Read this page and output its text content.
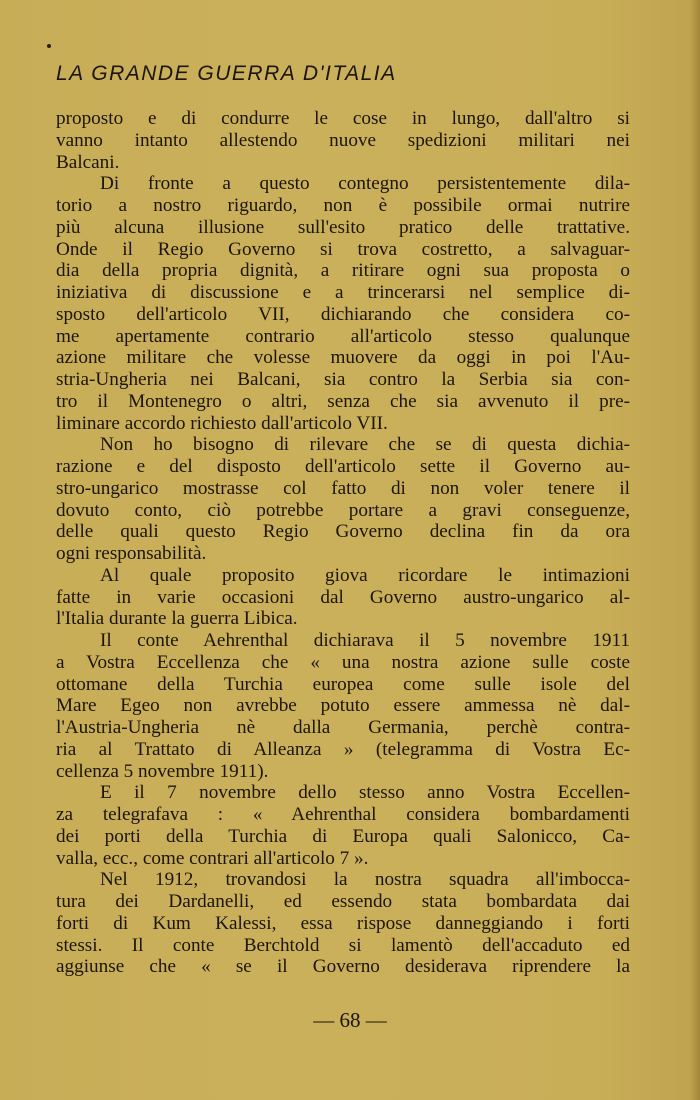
LA GRANDE GUERRA D'ITALIA
proposto e di condurre le cose in lungo, dall'altro si
vanno intanto allestendo nuove spedizioni militari nei
Balcani.
Di fronte a questo contegno persistentemente dila-
torio a nostro riguardo, non è possibile ormai nutrire
più alcuna illusione sull'esito pratico delle trattative.
Onde il Regio Governo si trova costretto, a salvaguar-
dia della propria dignità, a ritirare ogni sua proposta o
iniziativa di discussione e a trincerarsi nel semplice di-
sposto dell'articolo VII, dichiarando che considera co-
me apertamente contrario all'articolo stesso qualunque
azione militare che volesse muovere da oggi in poi l'Au-
stria-Ungheria nei Balcani, sia contro la Serbia sia con-
tro il Montenegro o altri, senza che sia avvenuto il pre-
liminare accordo richiesto dall'articolo VII.
Non ho bisogno di rilevare che se di questa dichia-
razione e del disposto dell'articolo sette il Governo au-
stro-ungarico mostrasse col fatto di non voler tenere il
dovuto conto, ciò potrebbe portare a gravi conseguenze,
delle quali questo Regio Governo declina fin da ora
ogni responsabilità.
Al quale proposito giova ricordare le intimazioni
fatte in varie occasioni dal Governo austro-ungarico al-
l'Italia durante la guerra Libica.
Il conte Aehrenthal dichiarava il 5 novembre 1911
a Vostra Eccellenza che « una nostra azione sulle coste
ottomane della Turchia europea come sulle isole del
Mare Egeo non avrebbe potuto essere ammessa nè dal-
l'Austria-Ungheria nè dalla Germania, perchè contra-
ria al Trattato di Alleanza » (telegramma di Vostra Ec-
cellenza 5 novembre 1911).
E il 7 novembre dello stesso anno Vostra Eccellen-
za telegrafava : « Aehrenthal considera bombardamenti
dei porti della Turchia di Europa quali Salonicco, Ca-
valla, ecc., come contrari all'articolo 7 ».
Nel 1912, trovandosi la nostra squadra all'imbocca-
tura dei Dardanelli, ed essendo stata bombardata dai
forti di Kum Kalessi, essa rispose danneggiando i forti
stessi. Il conte Berchtold si lamentò dell'accaduto ed
aggiunse che « se il Governo desiderava riprendere la
— 68 —
